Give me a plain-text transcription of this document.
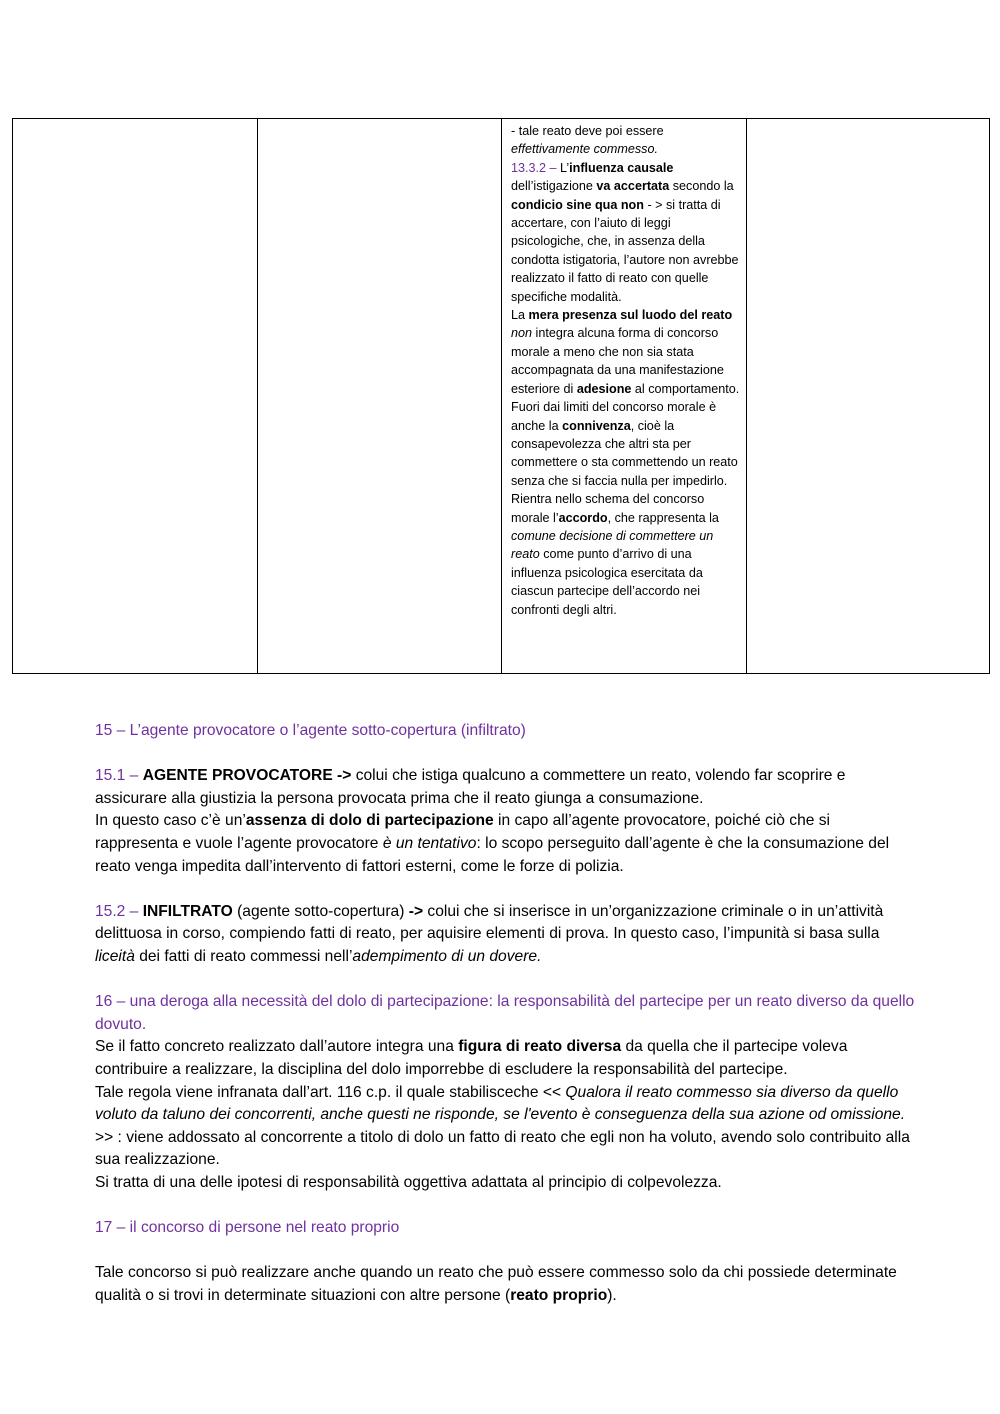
- tale reato deve poi essere effettivamente commesso.

13.3.2 – L’influenza causale dell’istigazione va accertata secondo la condicio sine qua non - > si tratta di accertare, con l’aiuto di leggi psicologiche, che, in assenza della condotta istigatoria, l’autore non avrebbe realizzato il fatto di reato con quelle specifiche modalità.

La mera presenza sul luodo del reato non integra alcuna forma di concorso morale a meno che non sia stata accompagnata da una manifestazione esteriore di adesione al comportamento.

Fuori dai limiti del concorso morale è anche la connivenza, cioè la consapevolezza che altri sta per commettere o sta commettendo un reato senza che si faccia nulla per impedirlo.

Rientra nello schema del concorso morale l’accordo, che rappresenta la comune decisione di commettere un reato come punto d’arrivo di una influenza psicologica esercitata da ciascun partecipe dell’accordo nei confronti degli altri.

15 – L’agente provocatore o l’agente sotto-copertura (infiltrato)

15.1 – AGENTE PROVOCATORE -> colui che istiga qualcuno a commettere un reato, volendo far scoprire e assicurare alla giustizia la persona provocata prima che il reato giunga a consumazione.

In questo caso c’è un’assenza di dolo di partecipazione in capo all’agente provocatore, poiché ciò che si rappresenta e vuole l’agente provocatore è un tentativo: lo scopo perseguito dall’agente è che la consumazione del reato venga impedita dall’intervento di fattori esterni, come le forze di polizia.

15.2 – INFILTRATO (agente sotto-copertura) -> colui che si inserisce in un’organizzazione criminale o in un’attività delittuosa in corso, compiendo fatti di reato, per aquisire elementi di prova. In questo caso, l’impunità si basa sulla liceità dei fatti di reato commessi nell’adempimento di un dovere.

16 – una deroga alla necessità del dolo di partecipazione: la responsabilità del partecipe per un reato diverso da quello dovuto.

Se il fatto concreto realizzato dall’autore integra una figura di reato diversa da quella che il partecipe voleva contribuire a realizzare, la disciplina del dolo imporrebbe di escludere la responsabilità del partecipe.

Tale regola viene infranata dall’art. 116 c.p. il quale stabilisceche << Qualora il reato commesso sia diverso da quello voluto da taluno dei concorrenti, anche questi ne risponde, se l'evento è conseguenza della sua azione od omissione. >> : viene addossato al concorrente a titolo di dolo un fatto di reato che egli non ha voluto, avendo solo contribuito alla sua realizzazione.

Si tratta di una delle ipotesi di responsabilità oggettiva adattata al principio di colpevolezza.

17 – il concorso di persone nel reato proprio

Tale concorso si può realizzare anche quando un reato che può essere commesso solo da chi possiede determinate qualità o si trovi in determinate situazioni con altre persone (reato proprio).
